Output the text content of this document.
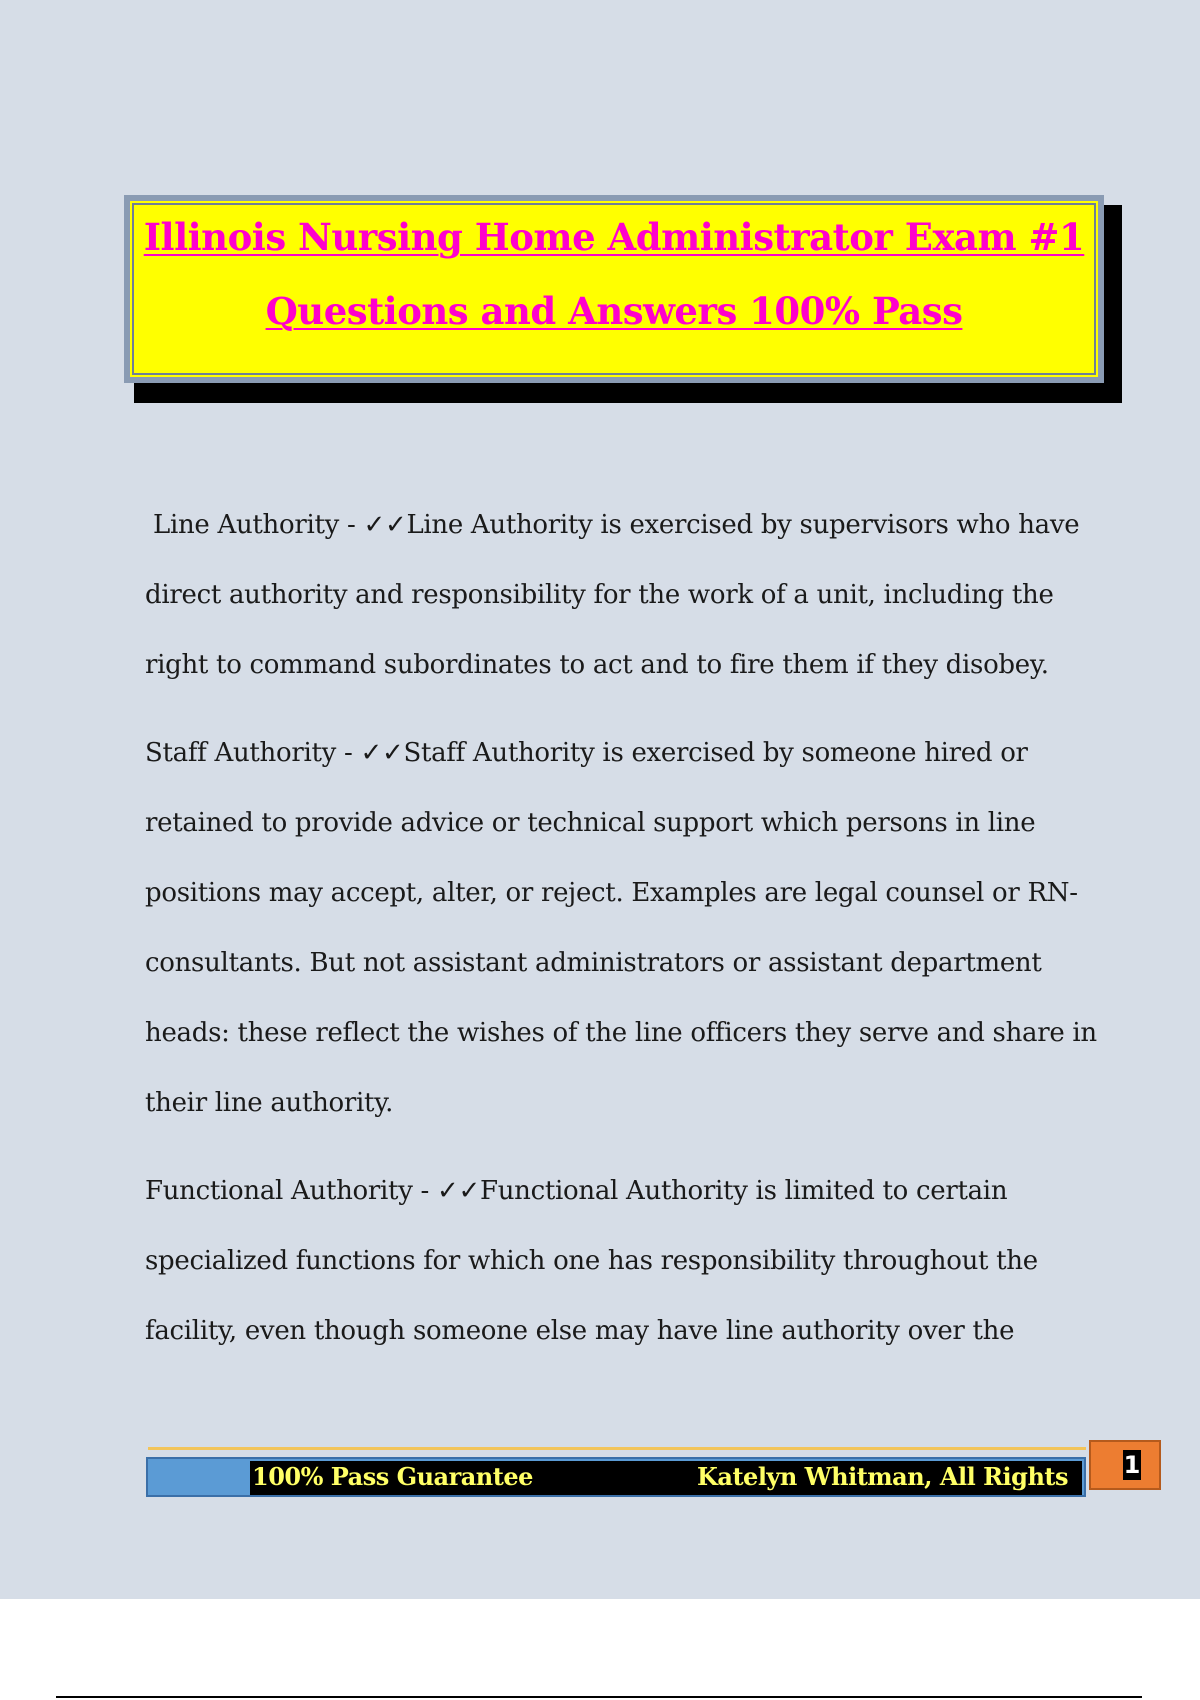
Illinois Nursing Home Administrator Exam #1
Questions and Answers 100% Pass

Line Authority - ✓✓Line Authority is exercised by supervisors who have direct authority and responsibility for the work of a unit, including the right to command subordinates to act and to fire them if they disobey.

Staff Authority - ✓✓Staff Authority is exercised by someone hired or retained to provide advice or technical support which persons in line positions may accept, alter, or reject. Examples are legal counsel or RN-consultants. But not assistant administrators or assistant department heads: these reflect the wishes of the line officers they serve and share in their line authority.

Functional Authority - ✓✓Functional Authority is limited to certain specialized functions for which one has responsibility throughout the facility, even though someone else may have line authority over the

100% Pass Guarantee	Katelyn Whitman, All Rights 1
